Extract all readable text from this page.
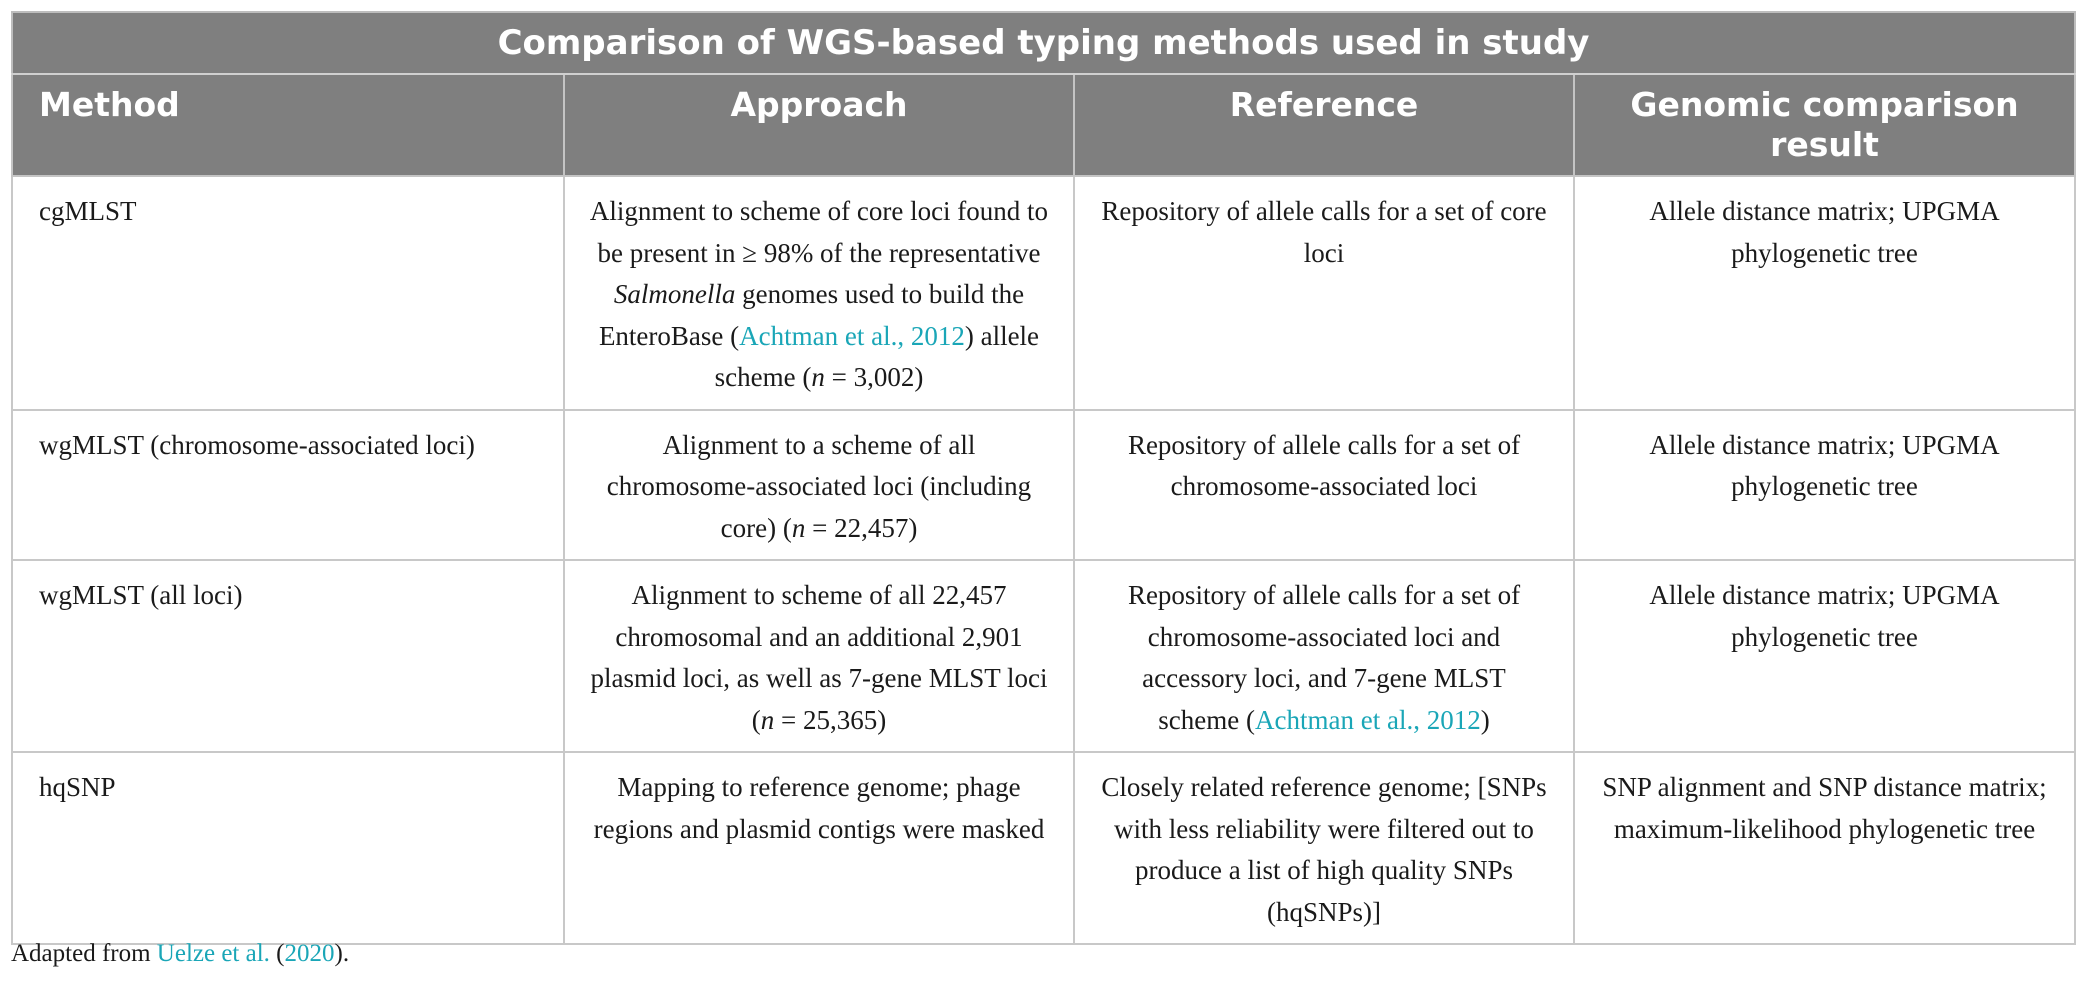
Comparison of WGS-based typing methods used in study			
Method	Approach	Reference	Genomic comparison result
cgMLST	Alignment to scheme of core loci found to be present in ≥ 98% of the representative Salmonella genomes used to build the EnteroBase (Achtman et al., 2012) allele scheme (n = 3,002)	Repository of allele calls for a set of core loci	Allele distance matrix; UPGMA phylogenetic tree
wgMLST (chromosome-associated loci)	Alignment to a scheme of all chromosome-associated loci (including core) (n = 22,457)	Repository of allele calls for a set of chromosome-associated loci	Allele distance matrix; UPGMA phylogenetic tree
wgMLST (all loci)	Alignment to scheme of all 22,457 chromosomal and an additional 2,901 plasmid loci, as well as 7-gene MLST loci (n = 25,365)	Repository of allele calls for a set of chromosome-associated loci and accessory loci, and 7-gene MLST scheme (Achtman et al., 2012)	Allele distance matrix; UPGMA phylogenetic tree
hqSNP	Mapping to reference genome; phage regions and plasmid contigs were masked	Closely related reference genome; [SNPs with less reliability were filtered out to produce a list of high quality SNPs (hqSNPs)]	SNP alignment and SNP distance matrix; maximum-likelihood phylogenetic tree
Adapted from Uelze et al. (2020).
